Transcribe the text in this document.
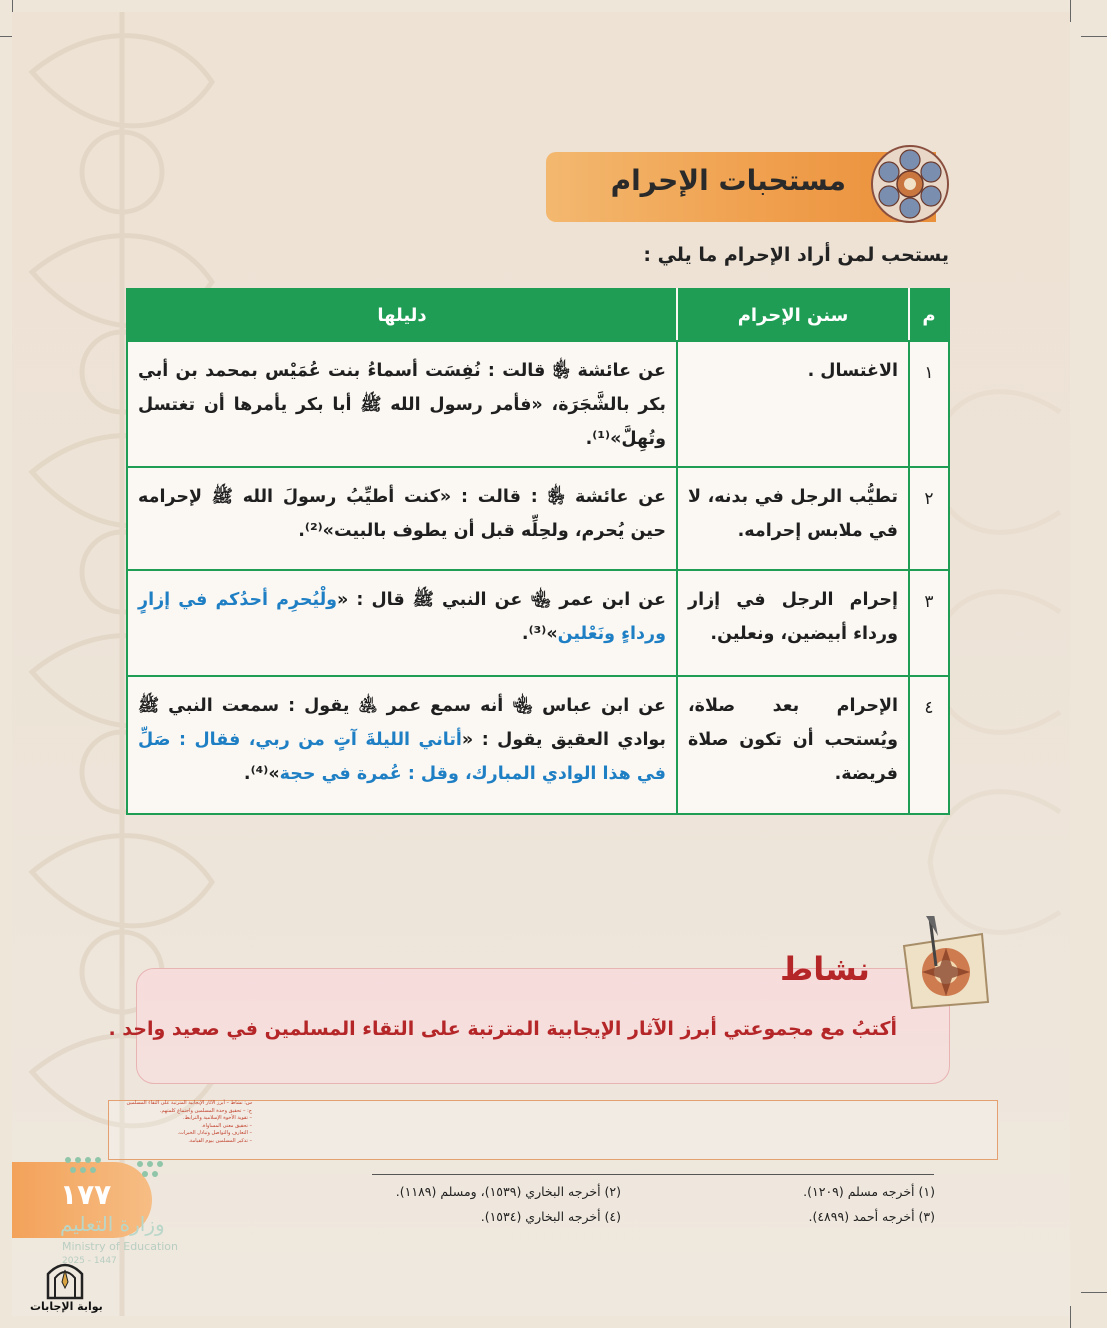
مستحبات الإحرام
يستحب لمن أراد الإحرام ما يلي :
م	سنن الإحرام	دليلها
١	الاغتسال .	عن عائشة ﵂ قالت : نُفِسَت أسماءُ بنت عُمَيْس بمحمد بن أبي بكر بالشَّجَرَة، «فأمر رسول الله ﷺ أبا بكر يأمرها أن تغتسل وتُهِلَّ»⁽¹⁾.
٢	تطيُّب الرجل في بدنه، لا في ملابس إحرامه.	عن عائشة ﵂ : قالت : «كنت أطيِّبُ رسولَ الله ﷺ لإحرامه حين يُحرم، ولحِلِّه قبل أن يطوف بالبيت»⁽²⁾.
٣	إحرام الرجل في إزار ورداء أبيضين، ونعلين.	عن ابن عمر ﵄ عن النبي ﷺ قال : «ولْيُحرِم أحدُكم في إزارٍ ورداءٍ ونَعْلين»⁽³⁾.
٤	الإحرام بعد صلاة، ويُستحب أن تكون صلاة فريضة.	عن ابن عباس ﵄ أنه سمع عمر ﵁ يقول : سمعت النبي ﷺ بوادي العقيق يقول : «أتاني الليلةَ آتٍ من ربي، فقال : صَلِّ في هذا الوادي المبارك، وقل : عُمرة في حجة»⁽⁴⁾.
نشاط
أكتبُ مع مجموعتي أبرز الآثار الإيجابية المترتبة على التقاء المسلمين في صعيد واحد .
س: نشاط – أبرز الآثار الإيجابية المترتبة على التقاء المسلمين
ج: – تحقيق وحدة المسلمين واجتماع كلمتهم.
– تقوية الأخوة الإسلامية والترابط.
– تحقيق معنى المساواة.
– التعارف والتواصل وتبادل الخبرات.
– تذكير المسلمين بيوم القيامة.
(١) أخرجه مسلم (١٢٠٩).
(٢) أخرجه البخاري (١٥٣٩)، ومسلم (١١٨٩).
(٣) أخرجه أحمد (٤٨٩٩).
(٤) أخرجه البخاري (١٥٣٤).
١٧٧
وزارة التعليم
Ministry of Education
2025 - 1447
بوابة الإجابات
